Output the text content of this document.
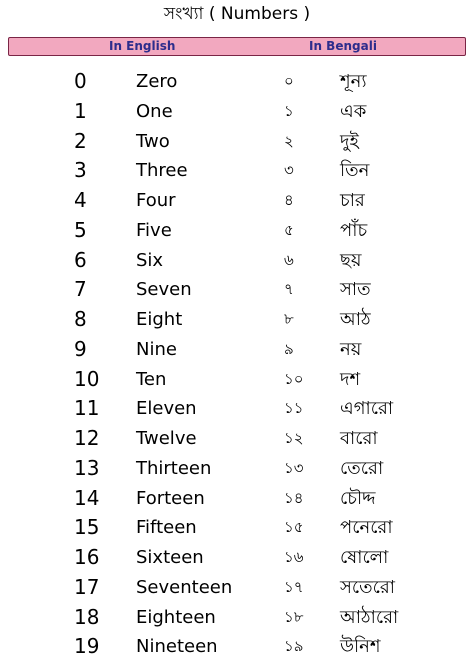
সংখ্যা ( Numbers )
In English	In Bengali
0	Zero	০	শূন্য
1	One	১	এক
2	Two	২	দুই
3	Three	৩	তিন
4	Four	৪	চার
5	Five	৫	পাঁচ
6	Six	৬	ছয়
7	Seven	৭	সাত
8	Eight	৮	আঠ
9	Nine	৯	নয়
10 Ten	১০ দশ
11 Eleven	১১ এগারো
12 Twelve	১২ বারো
13 Thirteen	১৩ তেরো
14 Forteen	১৪ চৌদ্দ
15 Fifteen	১৫ পনেরো
16 Sixteen	১৬ ষোলো
17 Seventeen	১৭ সতেরো
18 Eighteen	১৮ আঠারো
19 Nineteen	১৯ উনিশ
